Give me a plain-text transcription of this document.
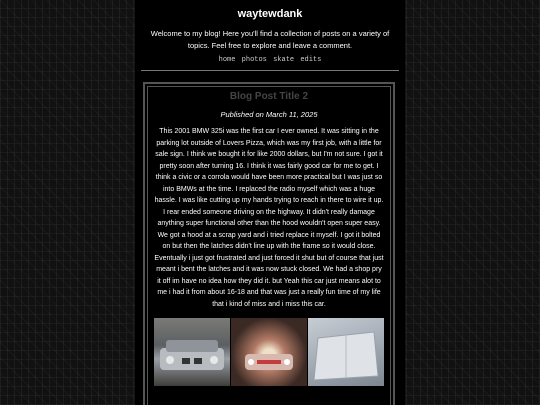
waytewdank

Welcome to my blog! Here you'll find a collection of posts on a variety of topics. Feel free to explore and leave a comment.

home photos skate edits
Blog Post Title 2
Published on March 11, 2025
This 2001 BMW 325i was the first car I ever owned. It was sitting in the parking lot outside of Lovers Pizza, which was my first job, with a little for sale sign. I think we bought it for like 2000 dollars, but I'm not sure. I got it pretty soon after turning 16. I think it was fairly good car for me to get. I think a civic or a corrola would have been more practical but I was just so into BMWs at the time. I replaced the radio myself which was a huge hassle. I was like cutting up my hands trying to reach in there to wire it up. I rear ended someone driving on the highway. It didn't really damage anything super functional other than the hood wouldn't open super easy. We got a hood at a scrap yard and i tried replace it myself. I got it bolted on but then the latches didn't line up with the frame so it would close. Eventually i just got frustrated and just forced it shut but of course that just meant i bent the latches and it was now stuck closed. We had a shop pry it off im have no idea how they did it. but Yeah this car just means alot to me i had it from about 16-18 and that was just a really fun time of my life that i kind of miss and i miss this car.
